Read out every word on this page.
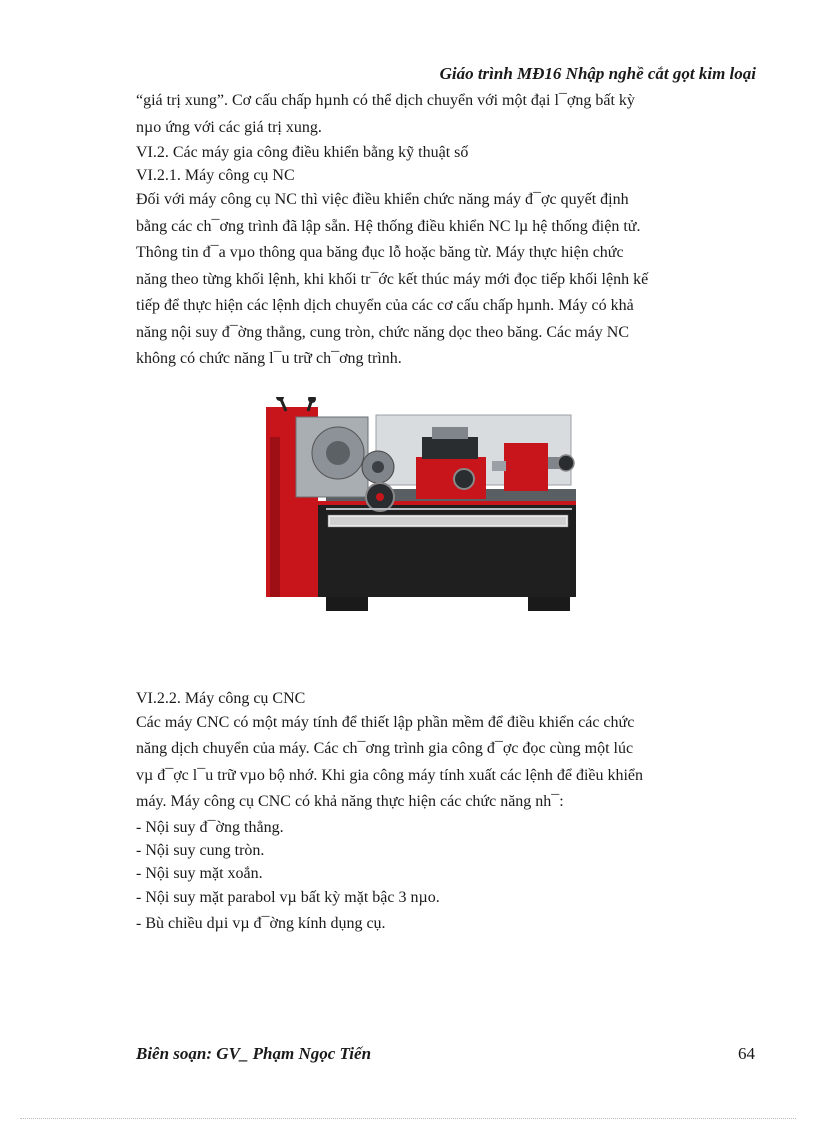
Giáo trình MĐ16 Nhập nghề cắt gọt kim loại
“giá trị xung”. Cơ cấu chấp hµnh có thể dịch chuyển với một đại l¯ợng bất kỳ
nµo ứng với các giá trị xung.
VI.2. Các máy gia công điều khiển bằng kỹ thuật số
VI.2.1. Máy công cụ NC
Đối với máy công cụ NC thì việc điều khiển chức năng máy đ¯ợc quyết định
bằng các ch¯ơng trình đã lập sẵn. Hệ thống điều khiển NC lµ hệ thống điện tử.
Thông tin đ¯a vµo thông qua băng đục lỗ hoặc băng từ. Máy thực hiện chức
năng theo từng khối lệnh, khi khối tr¯ớc kết thúc máy mới đọc tiếp khối lệnh kế
tiếp để thực hiện các lệnh dịch chuyển của các cơ cấu chấp hµnh. Máy có khả
năng nội suy đ¯ờng thẳng, cung tròn, chức năng dọc theo băng. Các máy NC
không có chức năng l¯u trữ ch¯ơng trình.
VI.2.2. Máy công cụ CNC
Các máy CNC có một máy tính để thiết lập phần mềm để điều khiển các chức
năng dịch chuyển của máy. Các ch¯ơng trình gia công đ¯ợc đọc cùng một lúc
vµ đ¯ợc l¯u trữ vµo bộ nhớ. Khi gia công máy tính xuất các lệnh để điều khiển
máy. Máy công cụ CNC có khả năng thực hiện các chức năng nh¯:
- Nội suy đ¯ờng thẳng.
- Nội suy cung tròn.
- Nội suy mặt xoắn.
- Nội suy mặt parabol vµ bất kỳ mặt bậc 3 nµo.
- Bù chiều dµi vµ đ¯ờng kính dụng cụ.
Biên soạn: GV_ Phạm Ngọc Tiến	64
